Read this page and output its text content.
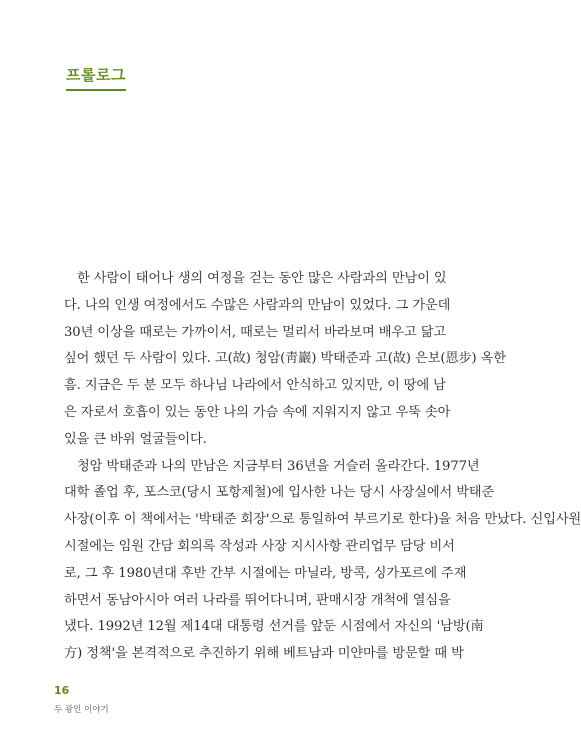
프롤로그
한 사람이 태어나 생의 여정을 걷는 동안 많은 사람과의 만남이 있
다. 나의 인생 여정에서도 수많은 사람과의 만남이 있었다. 그 가운데
30년 이상을 때로는 가까이서, 때로는 멀리서 바라보며 배우고 닮고
싶어 했던 두 사람이 있다. 고(故) 청암(靑巖) 박태준과 고(故) 은보(恩步) 옥한
흠. 지금은 두 분 모두 하나님 나라에서 안식하고 있지만, 이 땅에 남
은 자로서 호흡이 있는 동안 나의 가슴 속에 지워지지 않고 우뚝 솟아
있을 큰 바위 얼굴들이다.
청암 박태준과 나의 만남은 지금부터 36년을 거슬러 올라간다. 1977년
대학 졸업 후, 포스코(당시 포항제철)에 입사한 나는 당시 사장실에서 박태준
사장(이후 이 책에서는 '박태준 회장'으로 통일하여 부르기로 한다)을 처음 만났다. 신입사원
시절에는 임원 간담 회의록 작성과 사장 지시사항 관리업무 담당 비서
로, 그 후 1980년대 후반 간부 시절에는 마닐라, 방콕, 싱가포르에 주재
하면서 동남아시아 여러 나라를 뛰어다니며, 판매시장 개척에 열심을
냈다. 1992년 12월 제14대 대통령 선거를 앞둔 시점에서 자신의 '남방(南
方) 정책'을 본격적으로 추진하기 위해 베트남과 미얀마를 방문할 때 박
16
두 광인 이야기
